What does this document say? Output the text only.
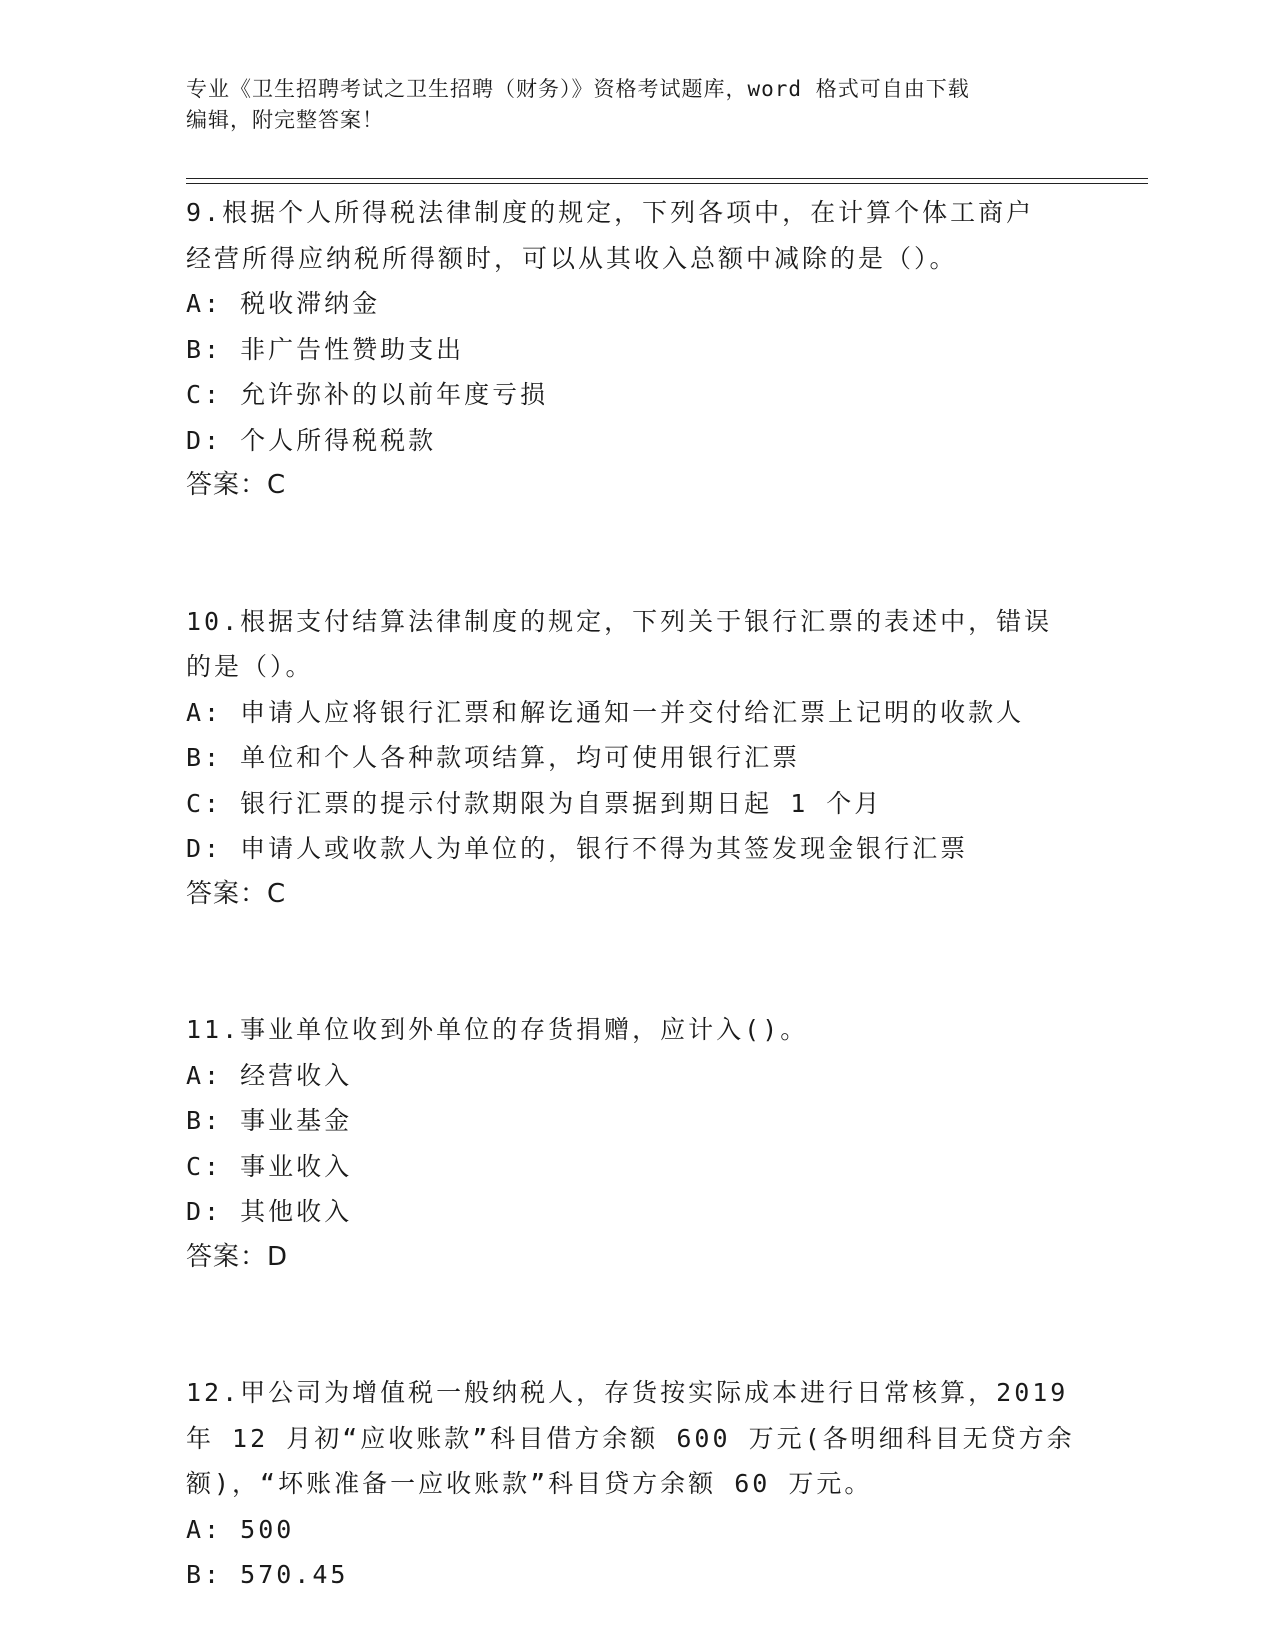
专业《卫生招聘考试之卫生招聘（财务）》资格考试题库，word 格式可自由下载

编辑，附完整答案！

9.根据个人所得税法律制度的规定，下列各项中，在计算个体工商户

经营所得应纳税所得额时，可以从其收入总额中减除的是（）。

A: 税收滞纳金

B: 非广告性赞助支出

C: 允许弥补的以前年度亏损

D: 个人所得税税款

答案：C

10.根据支付结算法律制度的规定，下列关于银行汇票的表述中，错误

的是（）。

A: 申请人应将银行汇票和解讫通知一并交付给汇票上记明的收款人

B: 单位和个人各种款项结算，均可使用银行汇票

C: 银行汇票的提示付款期限为自票据到期日起 1 个月

D: 申请人或收款人为单位的，银行不得为其签发现金银行汇票

答案：C

11.事业单位收到外单位的存货捐赠，应计入()。

A: 经营收入

B: 事业基金

C: 事业收入

D: 其他收入

答案：D

12.甲公司为增值税一般纳税人，存货按实际成本进行日常核算，2019

年 12 月初“应收账款”科目借方余额 600 万元(各明细科目无贷方余

额)，“坏账准备一应收账款”科目贷方余额 60 万元。

A: 500

B: 570.45
